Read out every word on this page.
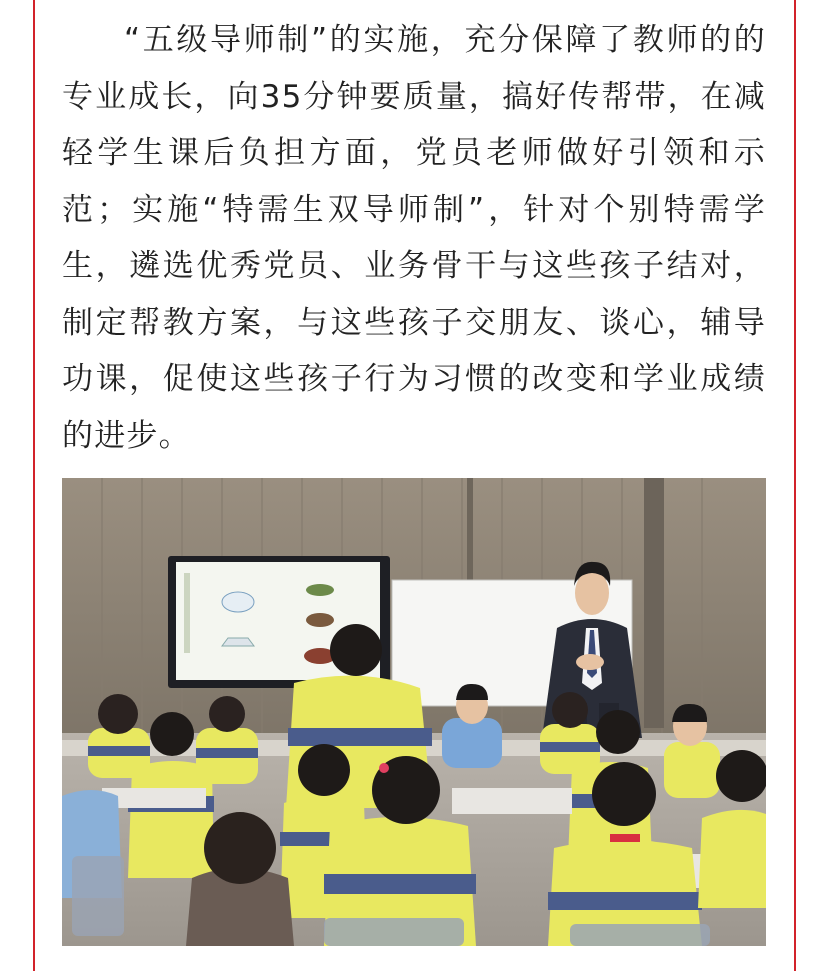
“五级导师制”的实施，充分保障了教师的的专业成长，向35分钟要质量，搞好传帮带，在减轻学生课后负担方面，党员老师做好引领和示范；实施“特需生双导师制”，针对个别特需学生，遴选优秀党员、业务骨干与这些孩子结对，制定帮教方案，与这些孩子交朋友、谈心，辅导功课，促使这些孩子行为习惯的改变和学业成绩的进步。
